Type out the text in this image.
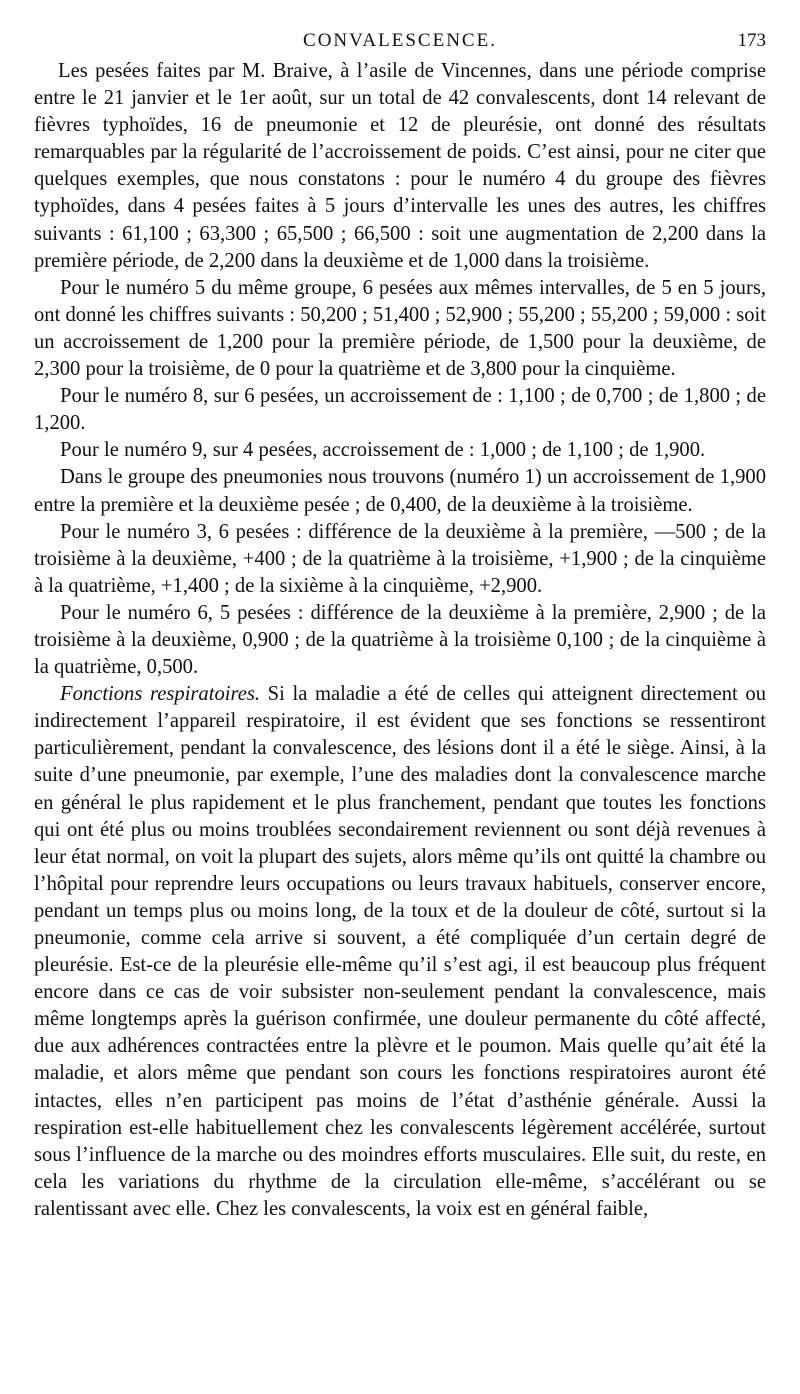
CONVALESCENCE.	173

Les pesées faites par M. Braive, à l’asile de Vincennes, dans une période comprise entre le 21 janvier et le 1er août, sur un total de 42 convalescents, dont 14 relevant de fièvres typhoïdes, 16 de pneumonie et 12 de pleurésie, ont donné des résultats remarquables par la régularité de l’accroissement de poids. C’est ainsi, pour ne citer que quelques exemples, que nous constatons : pour le numéro 4 du groupe des fièvres typhoïdes, dans 4 pesées faites à 5 jours d’intervalle les unes des autres, les chiffres suivants : 61,100 ; 63,300 ; 65,500 ; 66,500 : soit une augmentation de 2,200 dans la première période, de 2,200 dans la deuxième et de 1,000 dans la troisième.

Pour le numéro 5 du même groupe, 6 pesées aux mêmes intervalles, de 5 en 5 jours, ont donné les chiffres suivants : 50,200 ; 51,400 ; 52,900 ; 55,200 ; 55,200 ; 59,000 : soit un accroissement de 1,200 pour la première période, de 1,500 pour la deuxième, de 2,300 pour la troisième, de 0 pour la quatrième et de 3,800 pour la cinquième.

Pour le numéro 8, sur 6 pesées, un accroissement de : 1,100 ; de 0,700 ; de 1,800 ; de 1,200.

Pour le numéro 9, sur 4 pesées, accroissement de : 1,000 ; de 1,100 ; de 1,900.

Dans le groupe des pneumonies nous trouvons (numéro 1) un accroissement de 1,900 entre la première et la deuxième pesée ; de 0,400, de la deuxième à la troisième.

Pour le numéro 3, 6 pesées : différence de la deuxième à la première, —500 ; de la troisième à la deuxième, +400 ; de la quatrième à la troisième, +1,900 ; de la cinquième à la quatrième, +1,400 ; de la sixième à la cinquième, +2,900.

Pour le numéro 6, 5 pesées : différence de la deuxième à la première, 2,900 ; de la troisième à la deuxième, 0,900 ; de la quatrième à la troisième 0,100 ; de la cinquième à la quatrième, 0,500.

Fonctions respiratoires. Si la maladie a été de celles qui atteignent directement ou indirectement l’appareil respiratoire, il est évident que ses fonctions se ressentiront particulièrement, pendant la convalescence, des lésions dont il a été le siège. Ainsi, à la suite d’une pneumonie, par exemple, l’une des maladies dont la convalescence marche en général le plus rapidement et le plus franchement, pendant que toutes les fonctions qui ont été plus ou moins troublées secondairement reviennent ou sont déjà revenues à leur état normal, on voit la plupart des sujets, alors même qu’ils ont quitté la chambre ou l’hôpital pour reprendre leurs occupations ou leurs travaux habituels, conserver encore, pendant un temps plus ou moins long, de la toux et de la douleur de côté, surtout si la pneumonie, comme cela arrive si souvent, a été compliquée d’un certain degré de pleurésie. Est-ce de la pleurésie elle-même qu’il s’est agi, il est beaucoup plus fréquent encore dans ce cas de voir subsister non-seulement pendant la convalescence, mais même longtemps après la guérison confirmée, une douleur permanente du côté affecté, due aux adhérences contractées entre la plèvre et le poumon. Mais quelle qu’ait été la maladie, et alors même que pendant son cours les fonctions respiratoires auront été intactes, elles n’en participent pas moins de l’état d’asthénie générale. Aussi la respiration est-elle habituellement chez les convalescents légèrement accélérée, surtout sous l’influence de la marche ou des moindres efforts musculaires. Elle suit, du reste, en cela les variations du rhythme de la circulation elle-même, s’accélérant ou se ralentissant avec elle. Chez les convalescents, la voix est en général faible,
